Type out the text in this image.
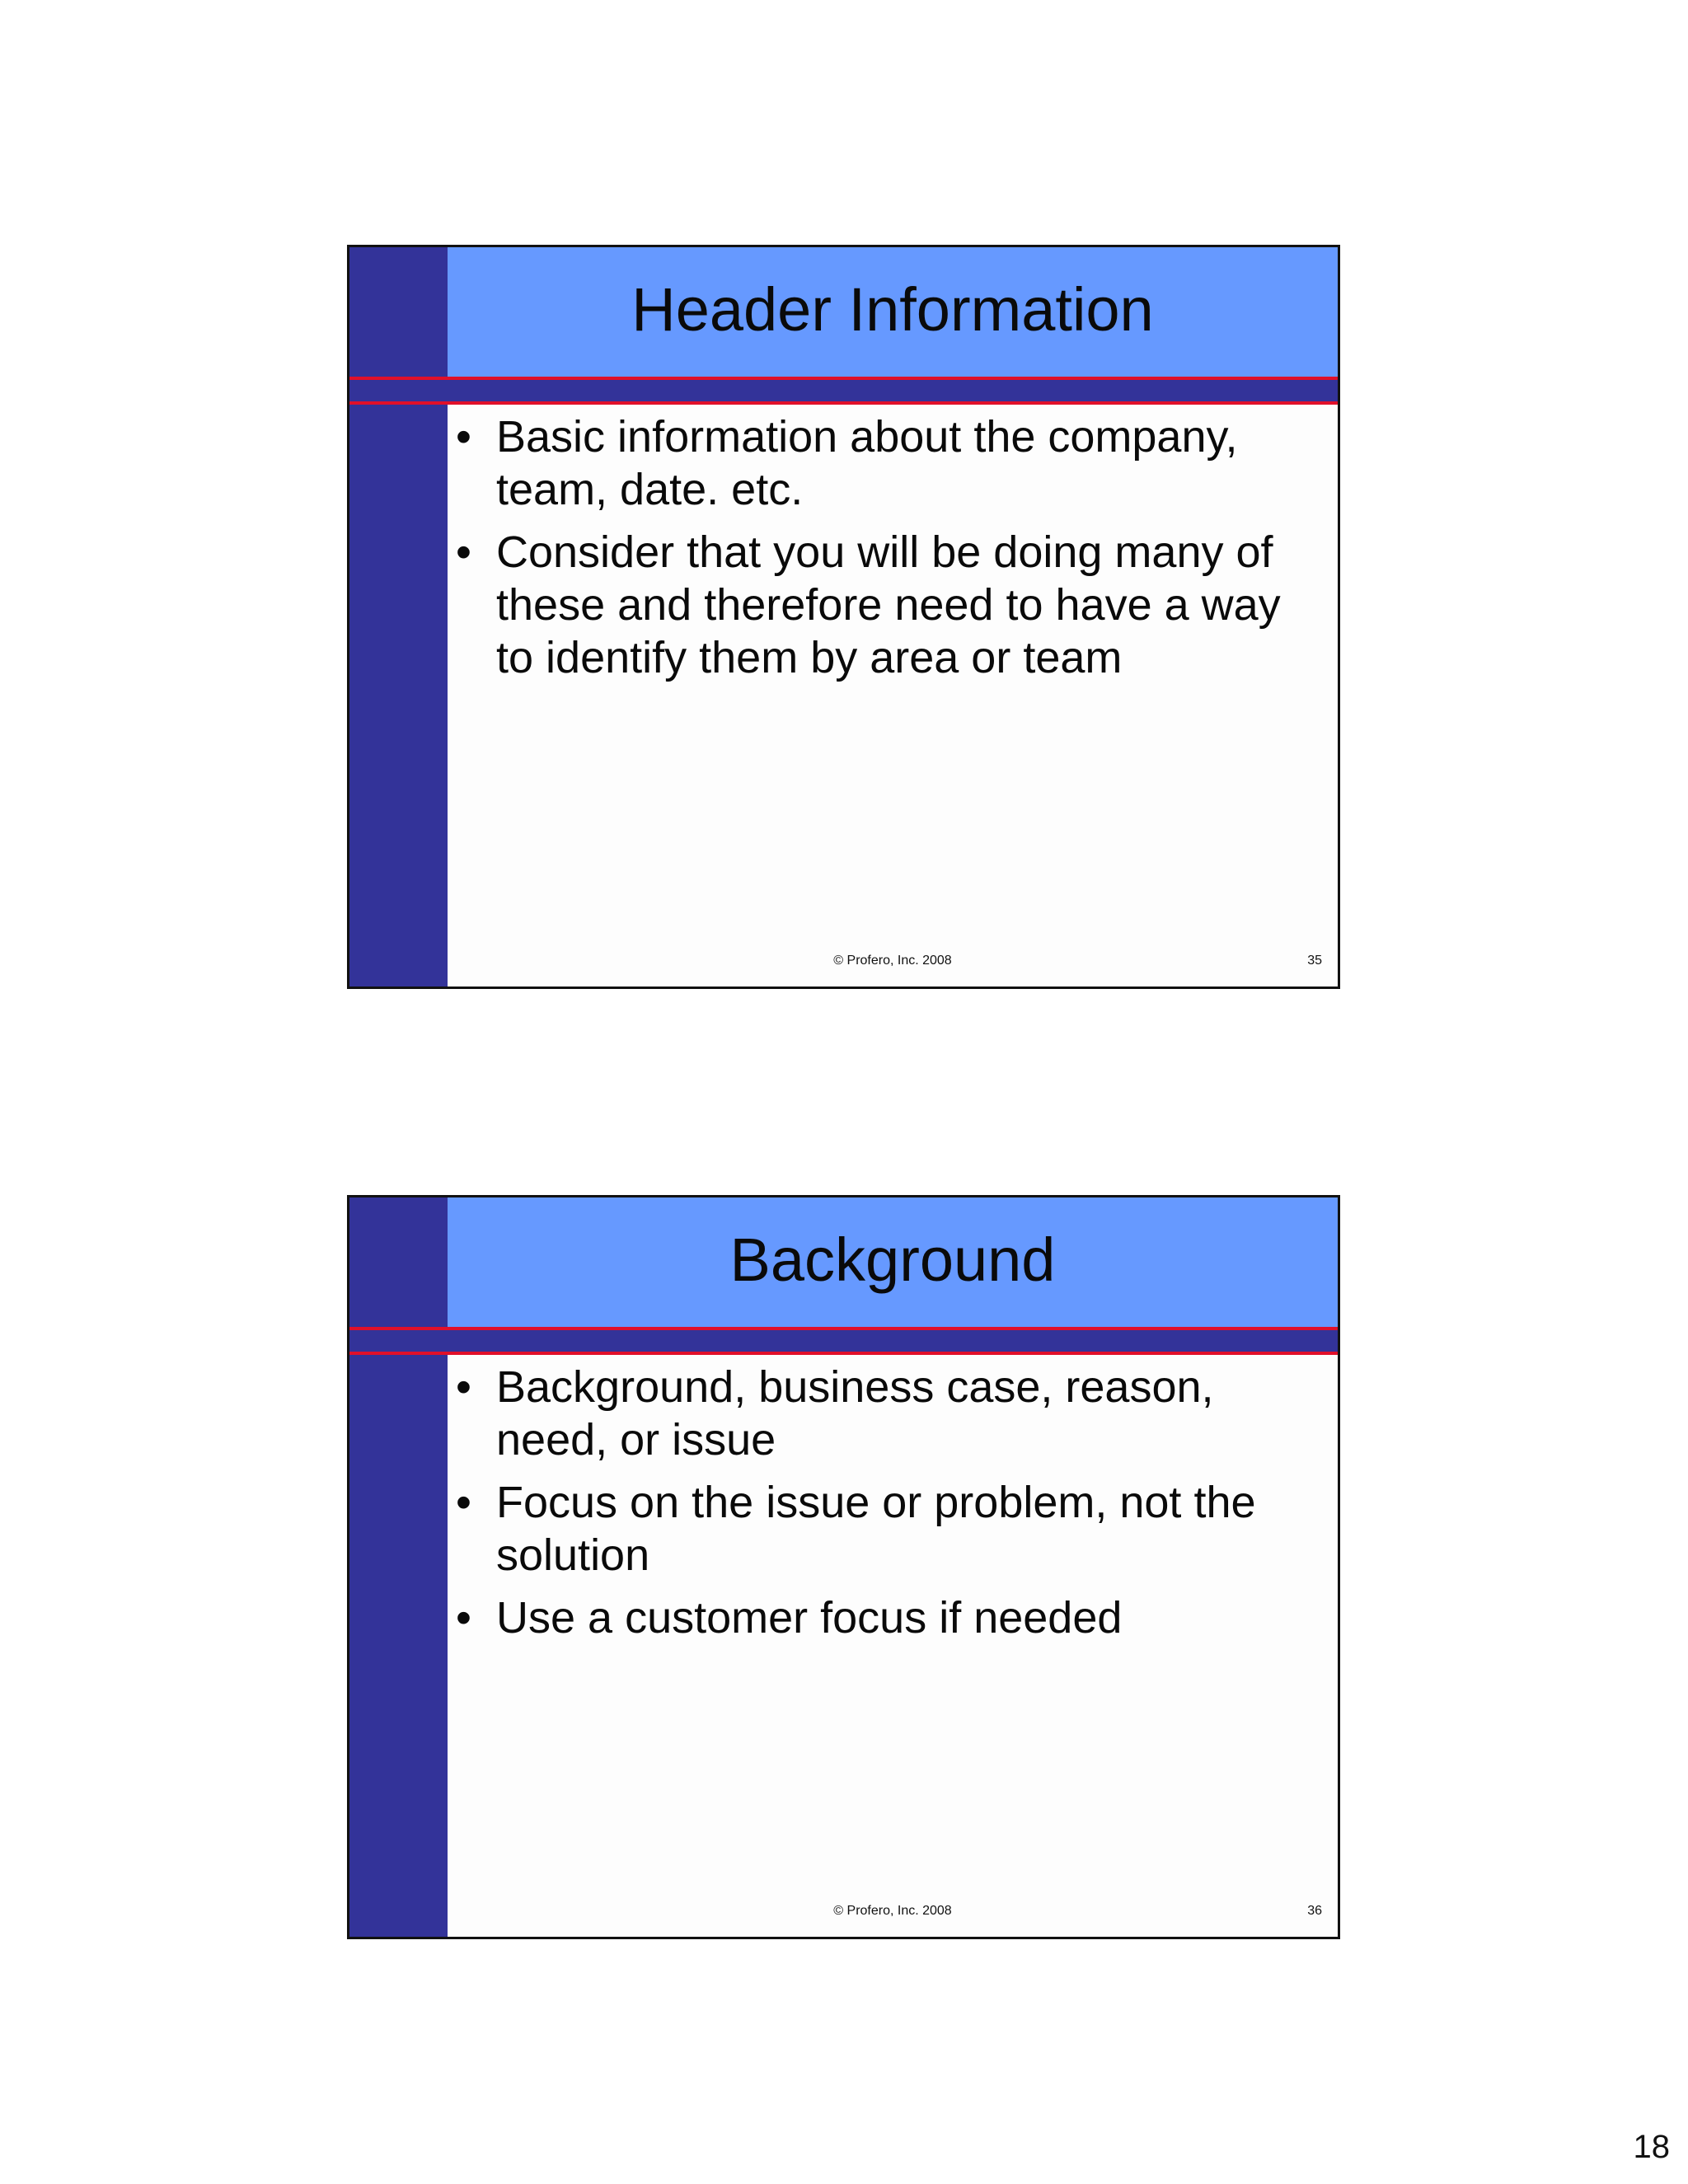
Header Information
• Basic information about the company, team, date. etc.
• Consider that you will be doing many of these and therefore need to have a way to identify them by area or team
© Profero, Inc. 2008	35
Background
• Background, business case, reason, need, or issue
• Focus on the issue or problem, not the solution
• Use a customer focus if needed
© Profero, Inc. 2008	36
18
